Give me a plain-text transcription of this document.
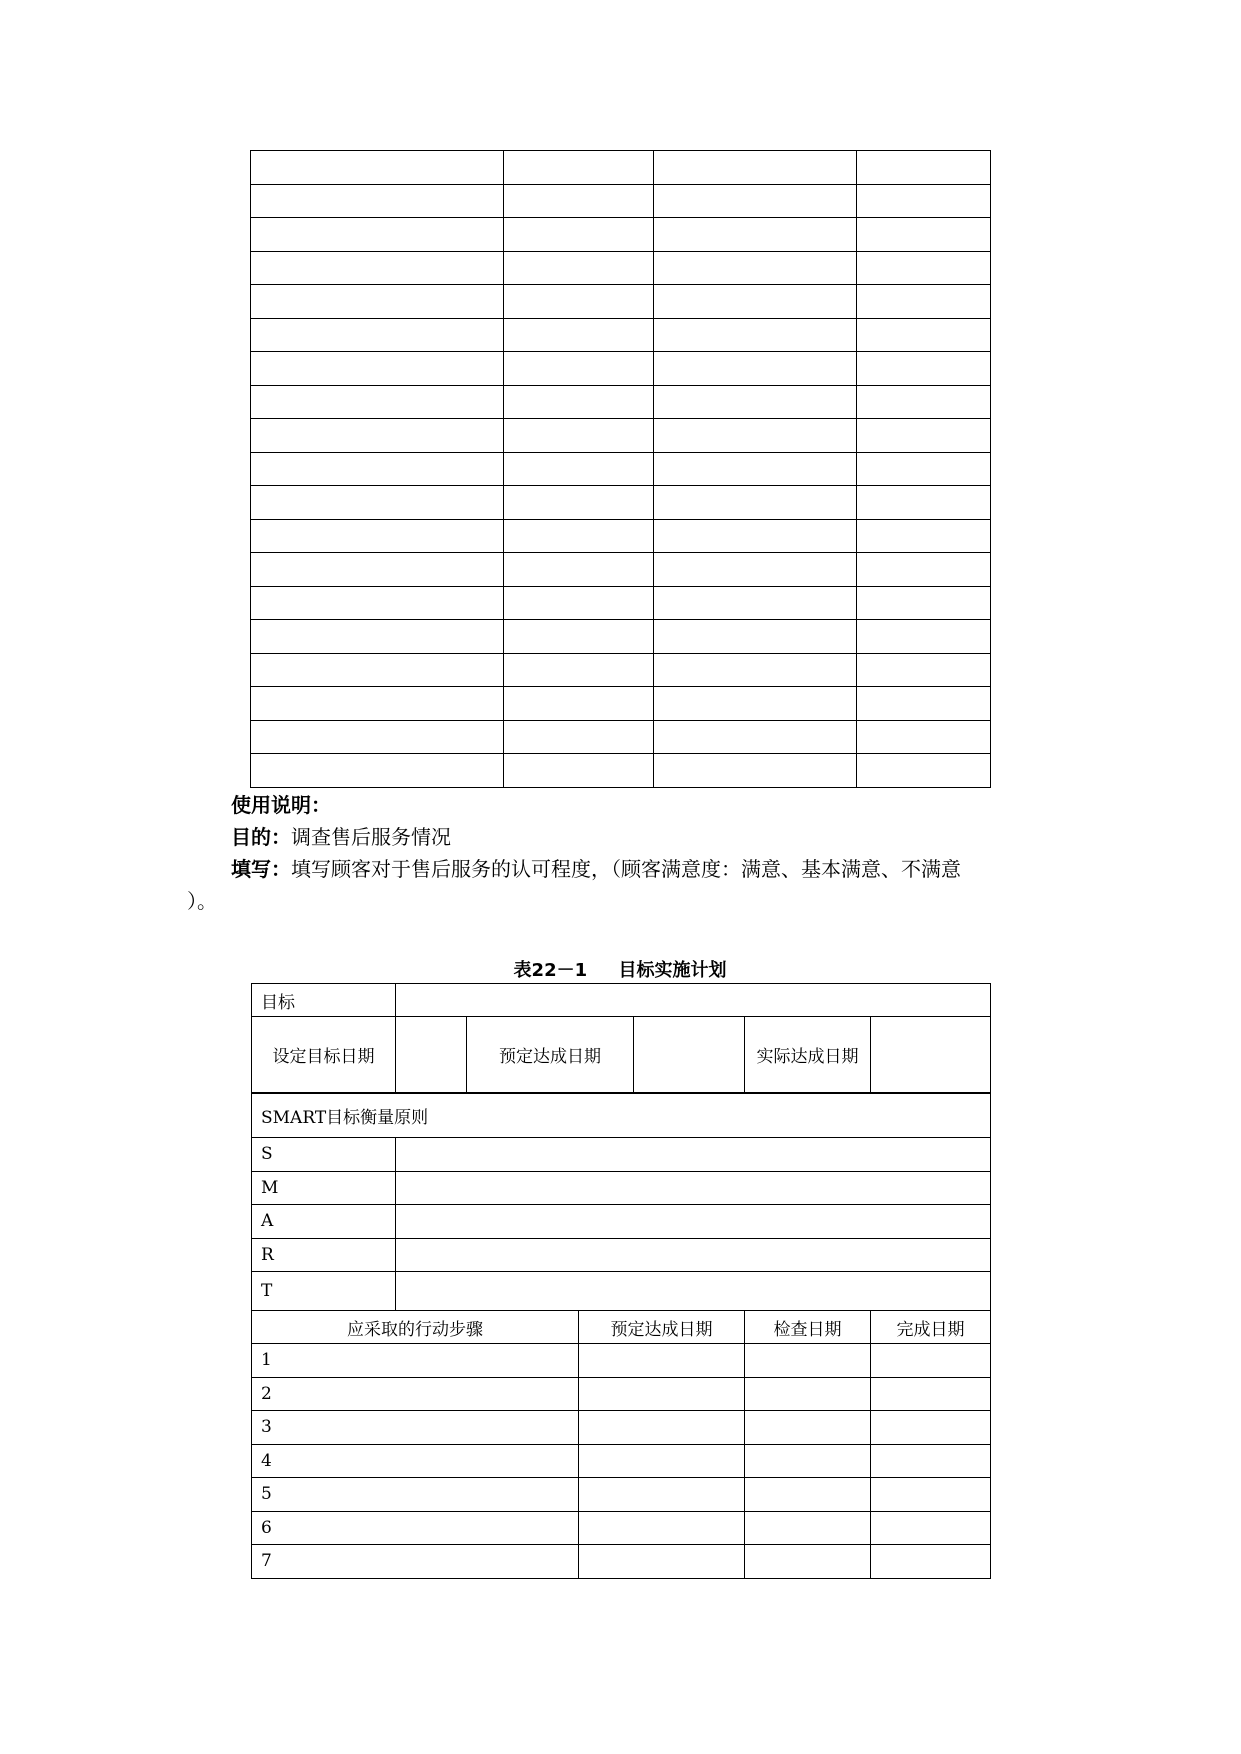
使用说明：
目的：调查售后服务情况
填写：填写顾客对于售后服务的认可程度，（顾客满意度：满意、基本满意、不满意
）。
表22－1     目标实施计划
目标						
设定目标日期		预定达成日期			实际达成日期	
SMART目标衡量原则						
S						
M						
A						
R						
T						
应采取的行动步骤			预定达成日期		检查日期	完成日期
1						
2						
3						
4						
5						
6						
7						
